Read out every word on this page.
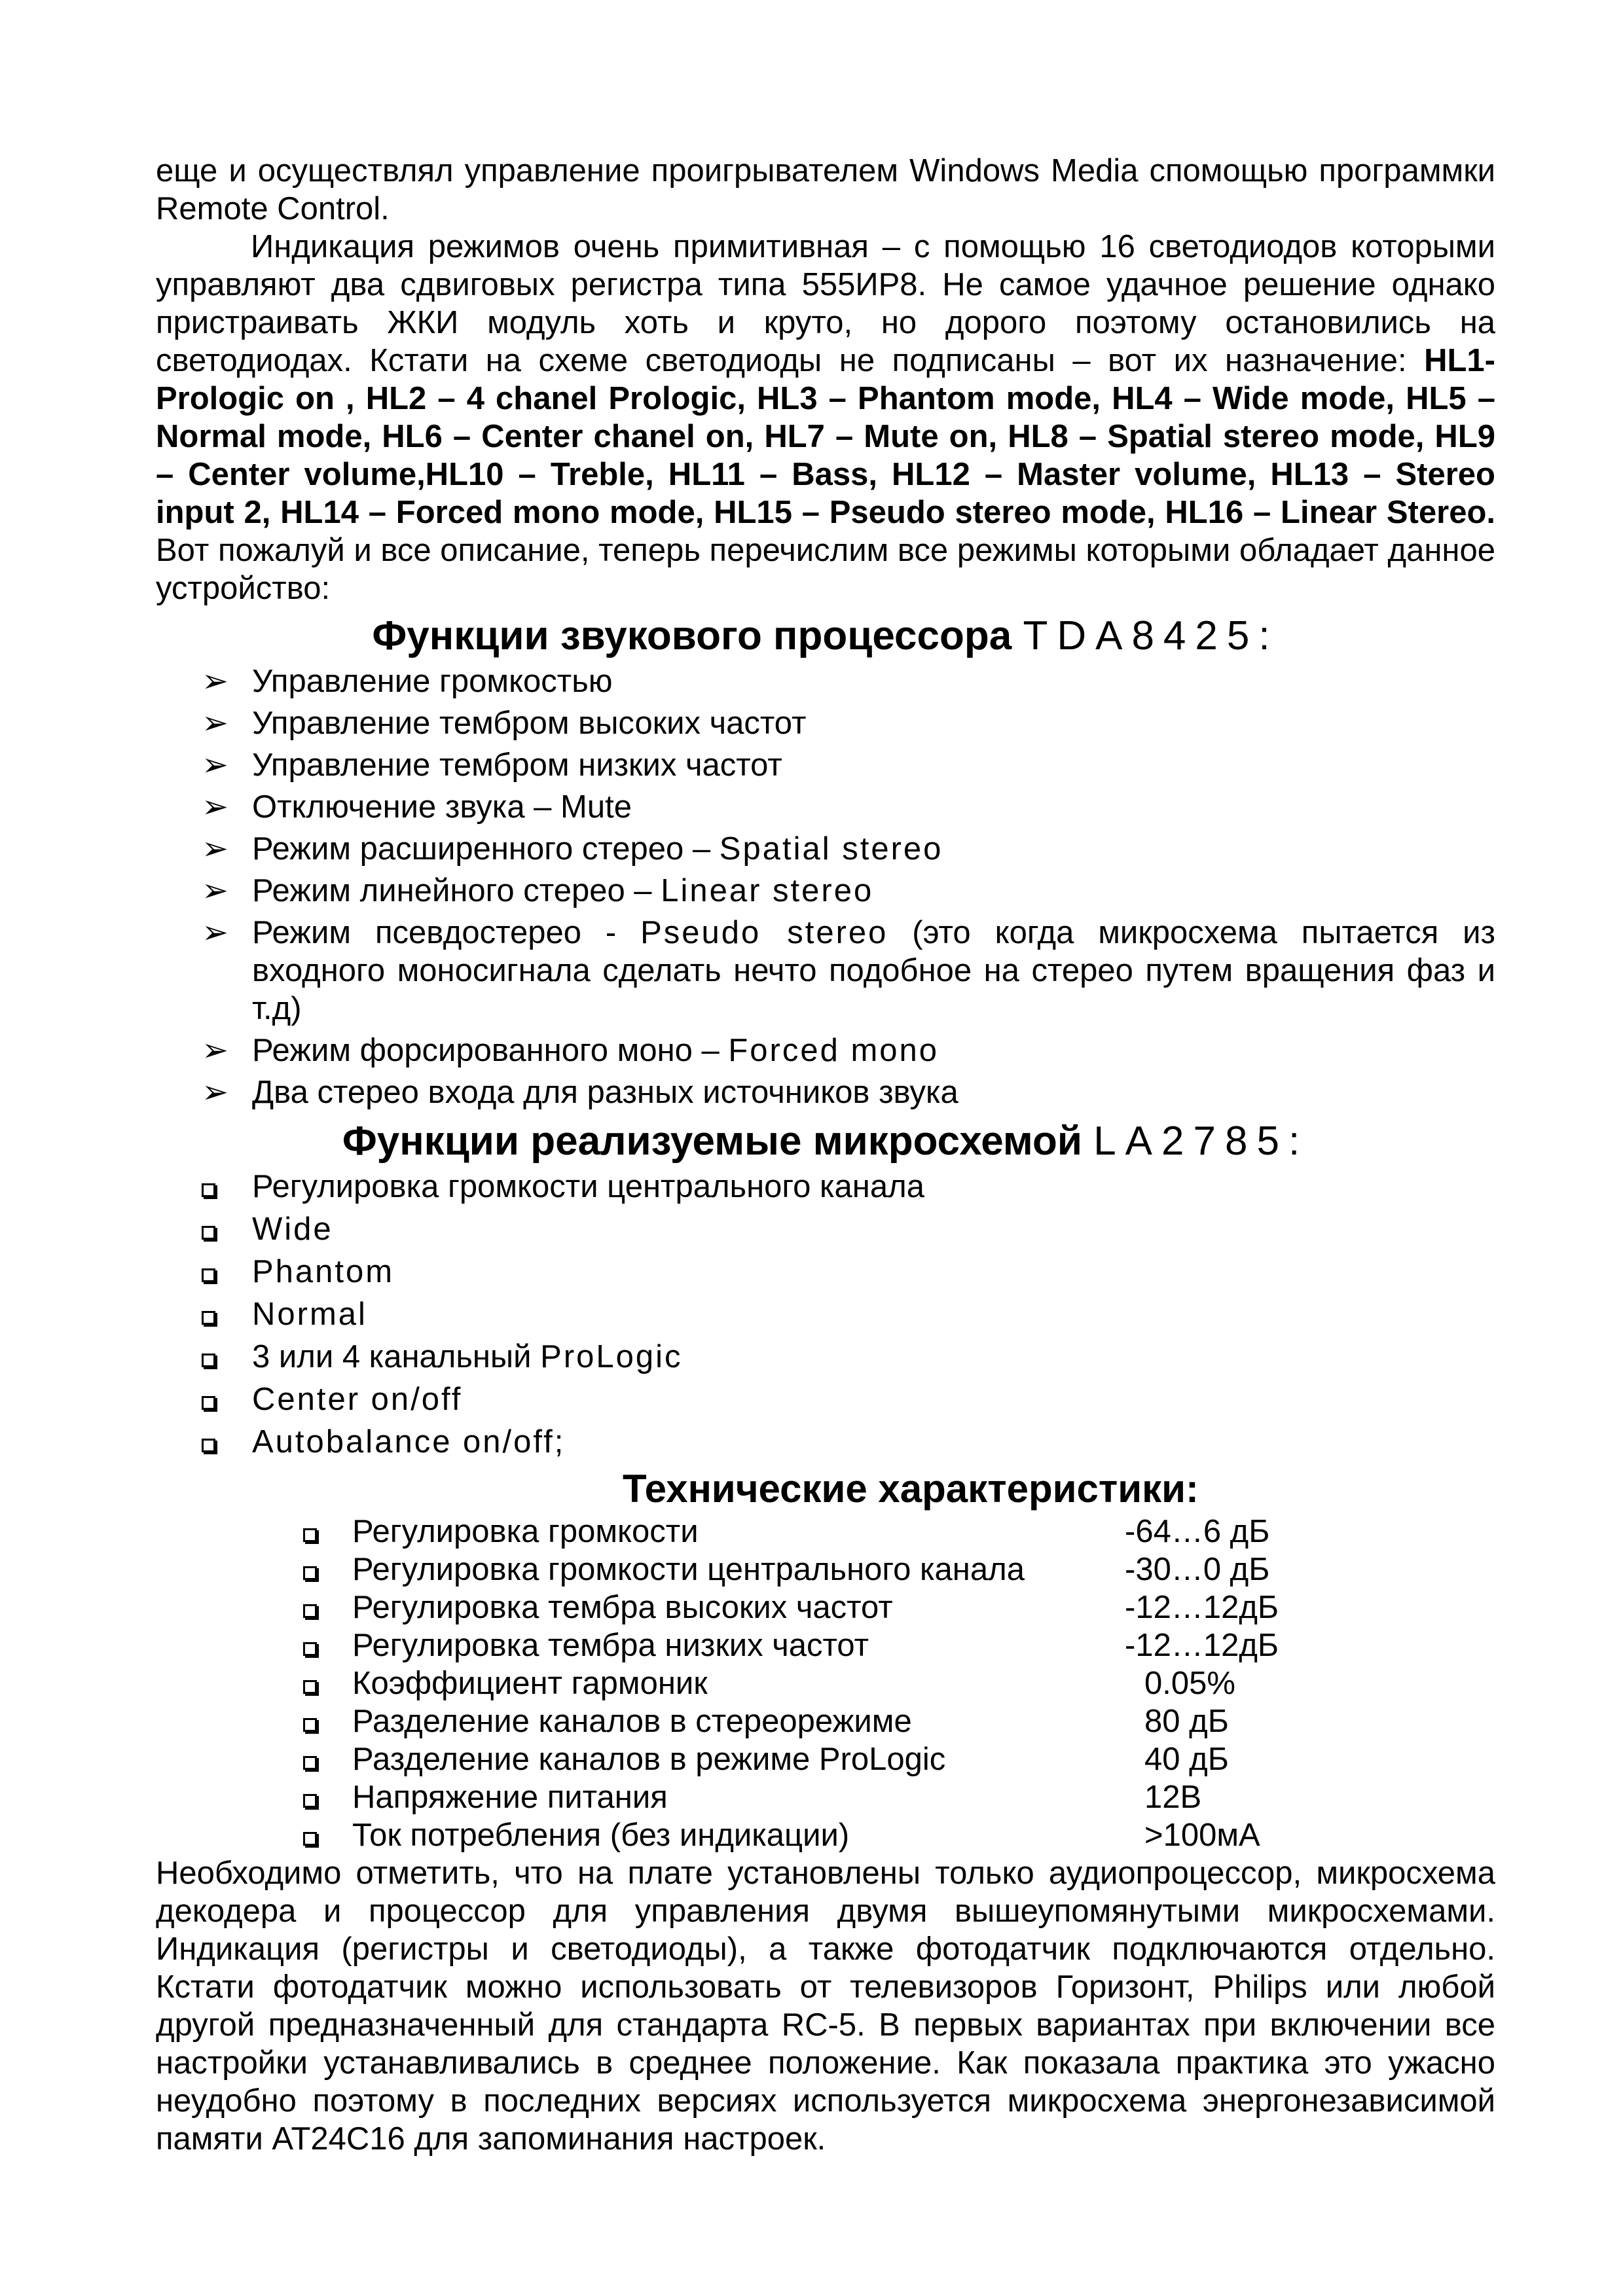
еще и осуществлял управление проигрывателем Windows Media спомощью программки Remote Control.

Индикация режимов очень примитивная – с помощью 16 светодиодов которыми управляют два сдвиговых регистра типа 555ИР8. Не самое удачное решение однако пристраивать ЖКИ модуль хоть и круто, но дорого поэтому остановились на светодиодах. Кстати на схеме светодиоды не подписаны – вот их назначение: HL1- Prologic on , HL2 – 4 chanel Prologic, HL3 – Phantom mode, HL4 – Wide mode, HL5 – Normal mode, HL6 – Center chanel on, HL7 – Mute on, HL8 – Spatial stereo mode, HL9 – Center volume,HL10 – Treble, HL11 – Bass, HL12 – Master volume, HL13 – Stereo input 2, HL14 – Forced mono mode, HL15 – Pseudo stereo mode, HL16 – Linear Stereo. Вот пожалуй и все описание, теперь перечислим все режимы которыми обладает данное устройство:

Функции звукового процессора TDA8425:
➢ Управление громкостью
➢ Управление тембром высоких частот
➢ Управление тембром низких частот
➢ Отключение звука – Mute
➢ Режим расширенного стерео – Spatial stereo
➢ Режим линейного стерео – Linear stereo
➢ Режим псевдостерео - Pseudo stereo (это когда микросхема пытается из входного моносигнала сделать нечто подобное на стерео путем вращения фаз и т.д)
➢ Режим форсированного моно – Forced mono
➢ Два стерео входа для разных источников звука
Функции реализуемые микросхемой LA2785:
Регулировка громкости центрального канала
Wide
Phantom
Normal
3 или 4 канальный ProLogic
Center on/off
Autobalance on/off;
Технические характеристики:
	Регулировка громкости	-64…6 дБ
	Регулировка громкости центрального канала	-30…0 дБ
	Регулировка тембра высоких частот	-12…12дБ
	Регулировка тембра низких частот	-12…12дБ
	Коэффициент гармоник	0.05%
	Разделение каналов в стереорежиме	80 дБ
	Разделение каналов в режиме ProLogic	40 дБ
	Напряжение питания	12В
	Ток потребления (без индикации)	>100мА

Необходимо отметить, что на плате установлены только аудиопроцессор, микросхема декодера и процессор для управления двумя вышеупомянутыми микросхемами. Индикация (регистры и светодиоды), а также фотодатчик подключаются отдельно. Кстати фотодатчик можно использовать от телевизоров Горизонт, Philips или любой другой предназначенный для стандарта RC-5. В первых вариантах при включении все настройки устанавливались в среднее положение. Как показала практика это ужасно неудобно поэтому в последних версиях используется микросхема энергонезависимой памяти AT24C16 для запоминания настроек.
